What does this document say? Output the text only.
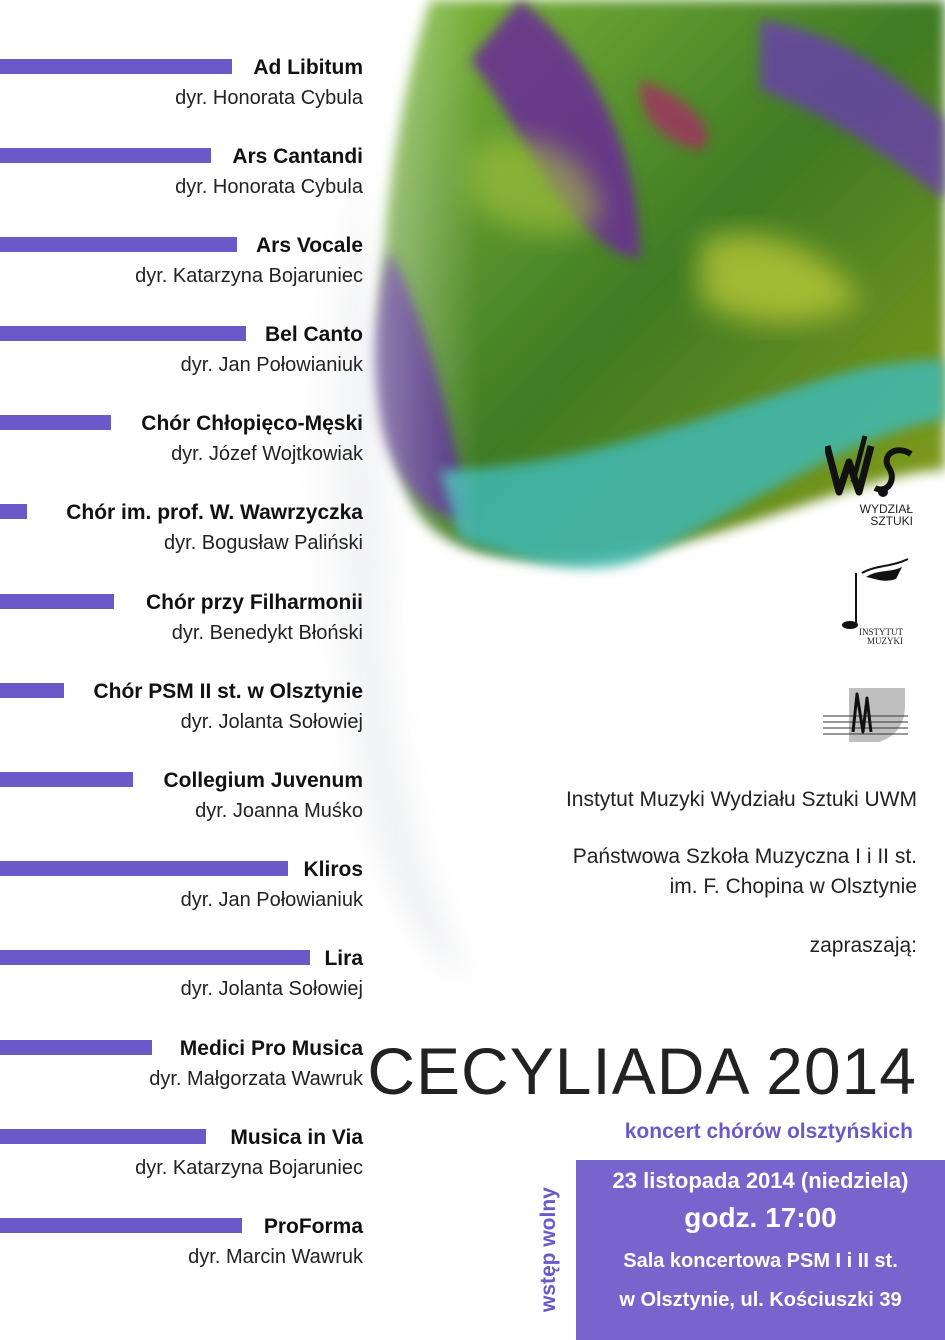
Ad Libitum
dyr. Honorata Cybula
Ars Cantandi
dyr. Honorata Cybula
Ars Vocale
dyr. Katarzyna Bojaruniec
Bel Canto
dyr. Jan Połowianiuk
Chór Chłopięco-Męski
dyr. Józef Wojtkowiak
Chór im. prof. W. Wawrzyczka
dyr. Bogusław Paliński
Chór przy Filharmonii
dyr. Benedykt Błoński
Chór PSM II st. w Olsztynie
dyr. Jolanta Sołowiej
Collegium Juvenum
dyr. Joanna Muśko
Kliros
dyr. Jan Połowianiuk
Lira
dyr. Jolanta Sołowiej
Medici Pro Musica
dyr. Małgorzata Wawruk
Musica in Via
dyr. Katarzyna Bojaruniec
ProForma
dyr. Marcin Wawruk
WYDZIAŁ
SZTUKI
INSTYTUT
MUZYKI
Instytut Muzyki Wydziału Sztuki UWM
Państwowa Szkoła Muzyczna I i II st.
im. F. Chopina w Olsztynie
zapraszają:
CECYLIADA 2014
koncert chórów olsztyńskich
wstęp wolny
23 listopada 2014 (niedziela)
godz. 17:00
Sala koncertowa PSM I i II st.
w Olsztynie, ul. Kościuszki 39
